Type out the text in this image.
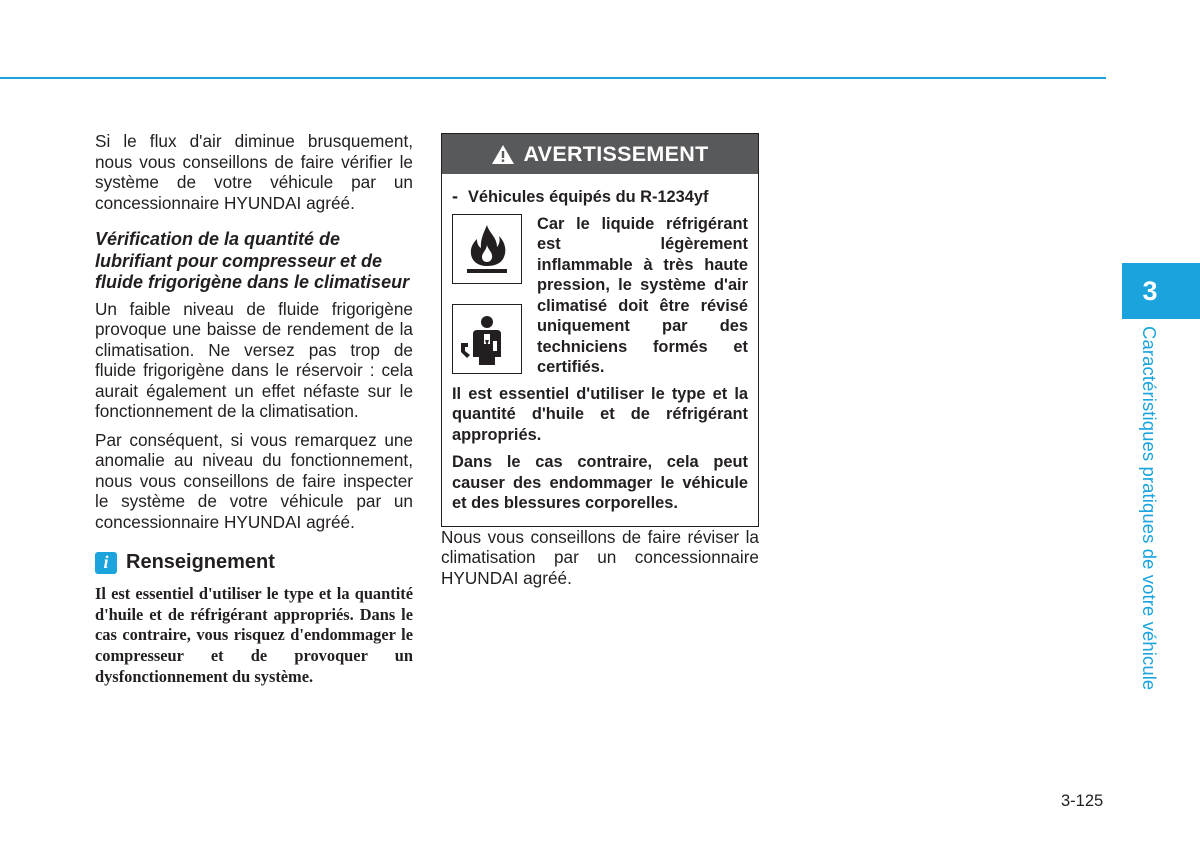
3
Caractéristiques pratiques de votre véhicule

Si le flux d'air diminue brusquement, nous vous conseillons de faire vérifier le système de votre véhicule par un concessionnaire HYUNDAI agréé.

Vérification de la quantité de lubrifiant pour compresseur et de fluide frigorigène dans le climatiseur

Un faible niveau de fluide frigorigène provoque une baisse de rendement de la climatisation. Ne versez pas trop de fluide frigorigène dans le réservoir : cela aurait également un effet néfaste sur le fonctionnement de la climatisation.

Par conséquent, si vous remarquez une anomalie au niveau du fonctionnement, nous vous conseillons de faire inspecter le système de votre véhicule par un concessionnaire HYUNDAI agréé.

i Renseignement

Il est essentiel d'utiliser le type et la quantité d'huile et de réfrigérant appropriés. Dans le cas contraire, vous risquez d'endommager le compresseur et de provoquer un dysfonctionnement du système.

AVERTISSEMENT
- Véhicules équipés du R-1234yf

Car le liquide réfrigérant est légèrement inflammable à très haute pression, le système d'air climatisé doit être révisé uniquement par des techniciens formés et certifiés.

Il est essentiel d'utiliser le type et la quantité d'huile et de réfrigérant appropriés.

Dans le cas contraire, cela peut causer des endommager le véhicule et des blessures corporelles.

Nous vous conseillons de faire réviser la climatisation par un concessionnaire HYUNDAI agréé.

3-125
